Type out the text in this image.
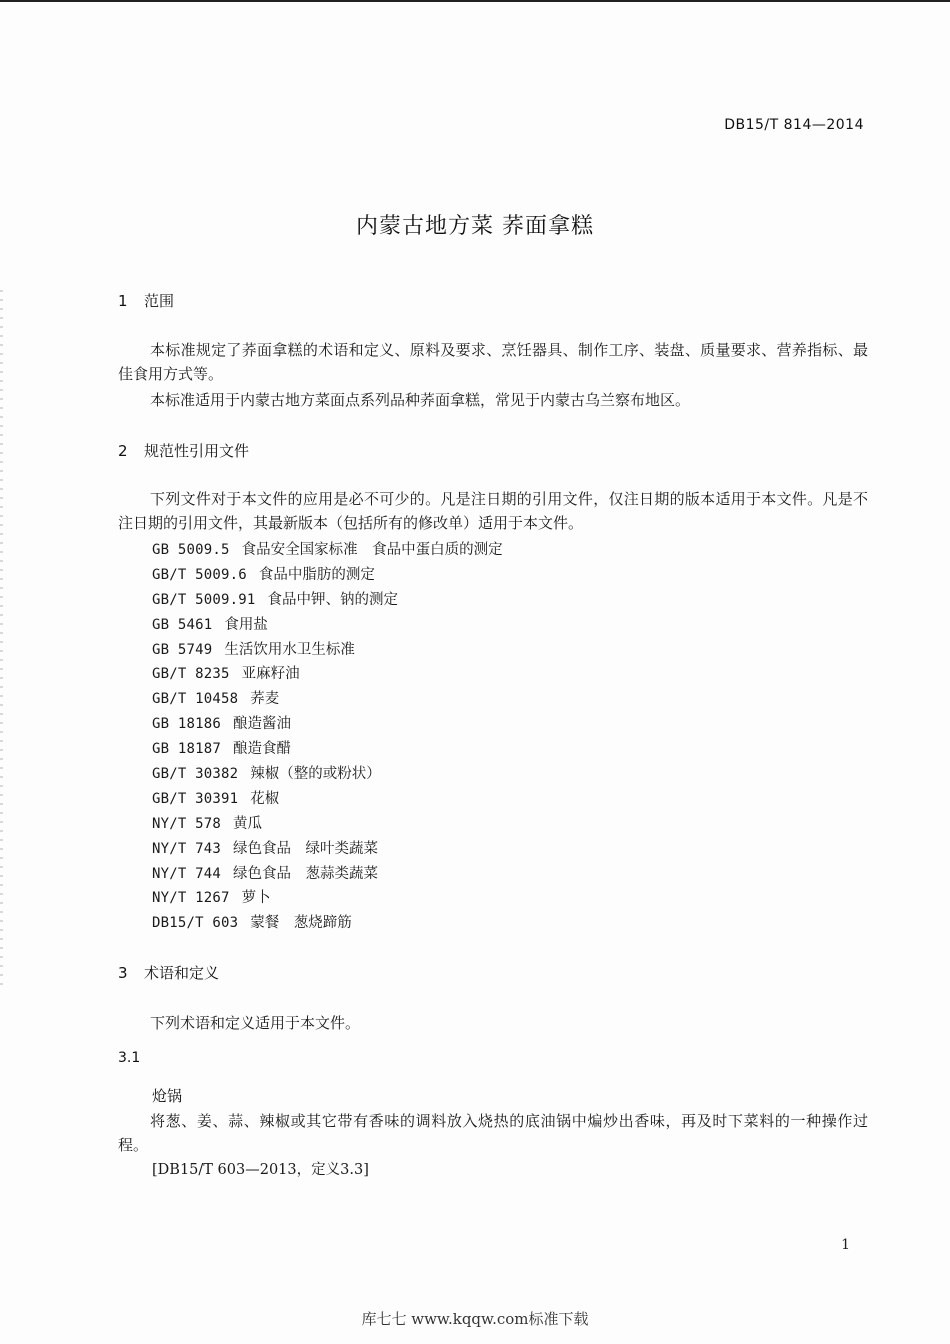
DB15/T 814—2014
内蒙古地方菜 荞面拿糕
1 范围
本标准规定了荞面拿糕的术语和定义、原料及要求、烹饪器具、制作工序、装盘、质量要求、营养指标、最佳食用方式等。
本标准适用于内蒙古地方菜面点系列品种荞面拿糕，常见于内蒙古乌兰察布地区。
2 规范性引用文件
下列文件对于本文件的应用是必不可少的。凡是注日期的引用文件，仅注日期的版本适用于本文件。凡是不注日期的引用文件，其最新版本（包括所有的修改单）适用于本文件。
GB 5009.5 食品安全国家标准　食品中蛋白质的测定
GB/T 5009.6 食品中脂肪的测定
GB/T 5009.91 食品中钾、钠的测定
GB 5461 食用盐
GB 5749 生活饮用水卫生标准
GB/T 8235 亚麻籽油
GB/T 10458 荞麦
GB 18186 酿造酱油
GB 18187 酿造食醋
GB/T 30382 辣椒（整的或粉状）
GB/T 30391 花椒
NY/T 578 黄瓜
NY/T 743 绿色食品　绿叶类蔬菜
NY/T 744 绿色食品　葱蒜类蔬菜
NY/T 1267 萝卜
DB15/T 603 蒙餐　葱烧蹄筋
3 术语和定义
下列术语和定义适用于本文件。
3.1
炝锅
将葱、姜、蒜、辣椒或其它带有香味的调料放入烧热的底油锅中煸炒出香味，再及时下菜料的一种操作过程。
[DB15/T 603—2013，定义3.3]
1
库七七 www.kqqw.com标准下载
